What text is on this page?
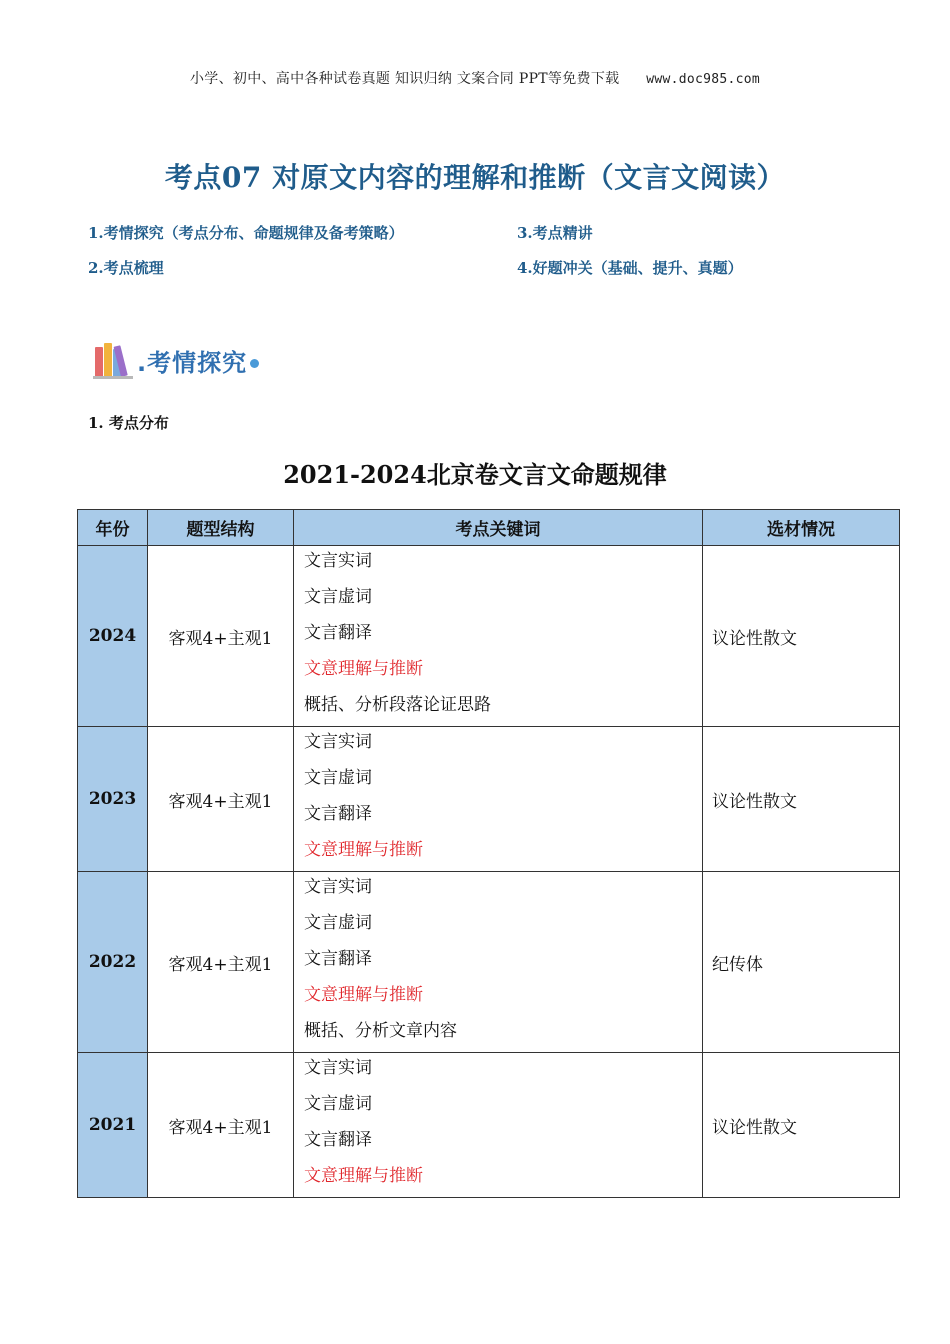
小学、初中、高中各种试卷真题 知识归纳 文案合同 PPT等免费下载 www.doc985.com
考点07 对原文内容的理解和推断（文言文阅读）
1.考情探究（考点分布、命题规律及备考策略）	3.考点精讲
2.考点梳理	4.好题冲关（基础、提升、真题）
.考情探究
1. 考点分布
2021-2024北京卷文言文命题规律
年份	题型结构	考点关键词	选材情况
2024	客观4+主观1	文言实词
文言虚词
文言翻译
文意理解与推断
概括、分析段落论证思路	议论性散文
2023	客观4+主观1	文言实词
文言虚词
文言翻译
文意理解与推断	议论性散文
2022	客观4+主观1	文言实词
文言虚词
文言翻译
文意理解与推断
概括、分析文章内容	纪传体
2021	客观4+主观1	文言实词
文言虚词
文言翻译
文意理解与推断	议论性散文
